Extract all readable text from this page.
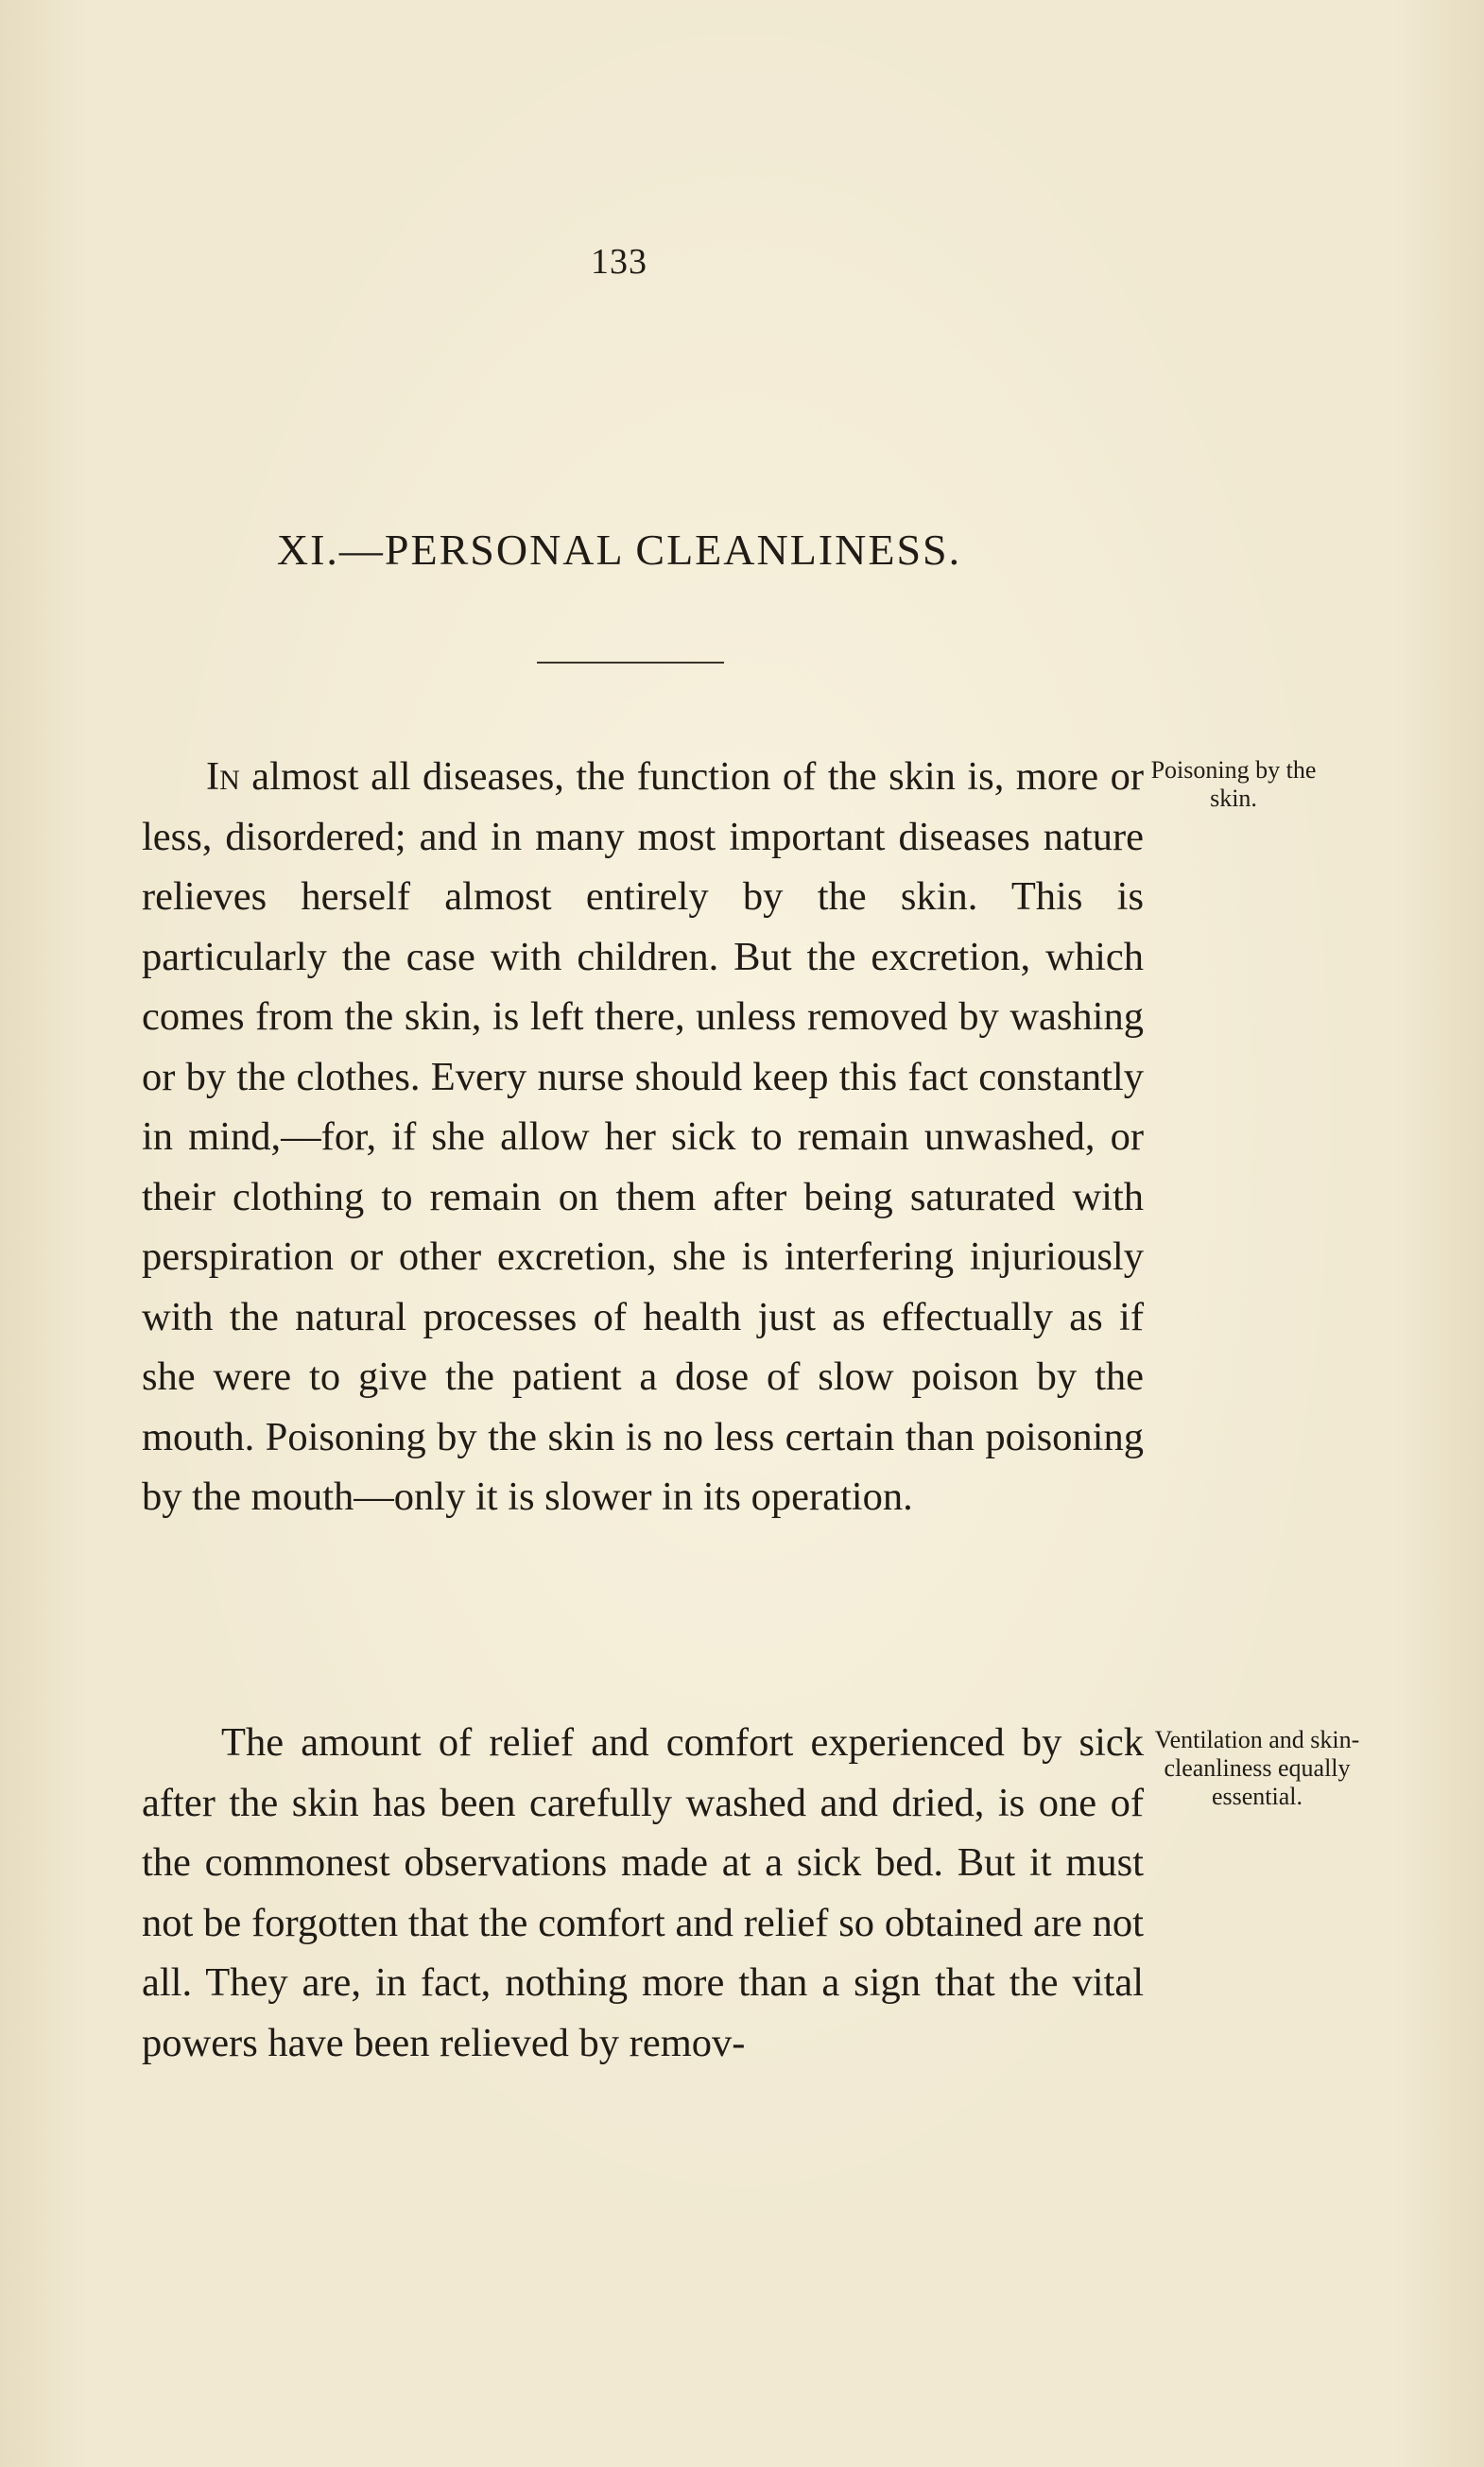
133
XI.—PERSONAL CLEANLINESS.

In almost all diseases, the function of the skin is, more or less, disordered; and in many most important diseases nature relieves herself almost entirely by the skin. This is particularly the case with children. But the excretion, which comes from the skin, is left there, unless removed by washing or by the clothes. Every nurse should keep this fact constantly in mind,—for, if she allow her sick to remain unwashed, or their clothing to remain on them after being saturated with perspiration or other excretion, she is interfering injuriously with the natural processes of health just as effectually as if she were to give the patient a dose of slow poison by the mouth. Poisoning by the skin is no less certain than poisoning by the mouth—only it is slower in its operation.

Poisoning by the skin.

The amount of relief and comfort experienced by sick after the skin has been carefully washed and dried, is one of the commonest observations made at a sick bed. But it must not be forgotten that the comfort and relief so obtained are not all. They are, in fact, nothing more than a sign that the vital powers have been relieved by remov-

Ventilation and skin-cleanliness equally essential.
